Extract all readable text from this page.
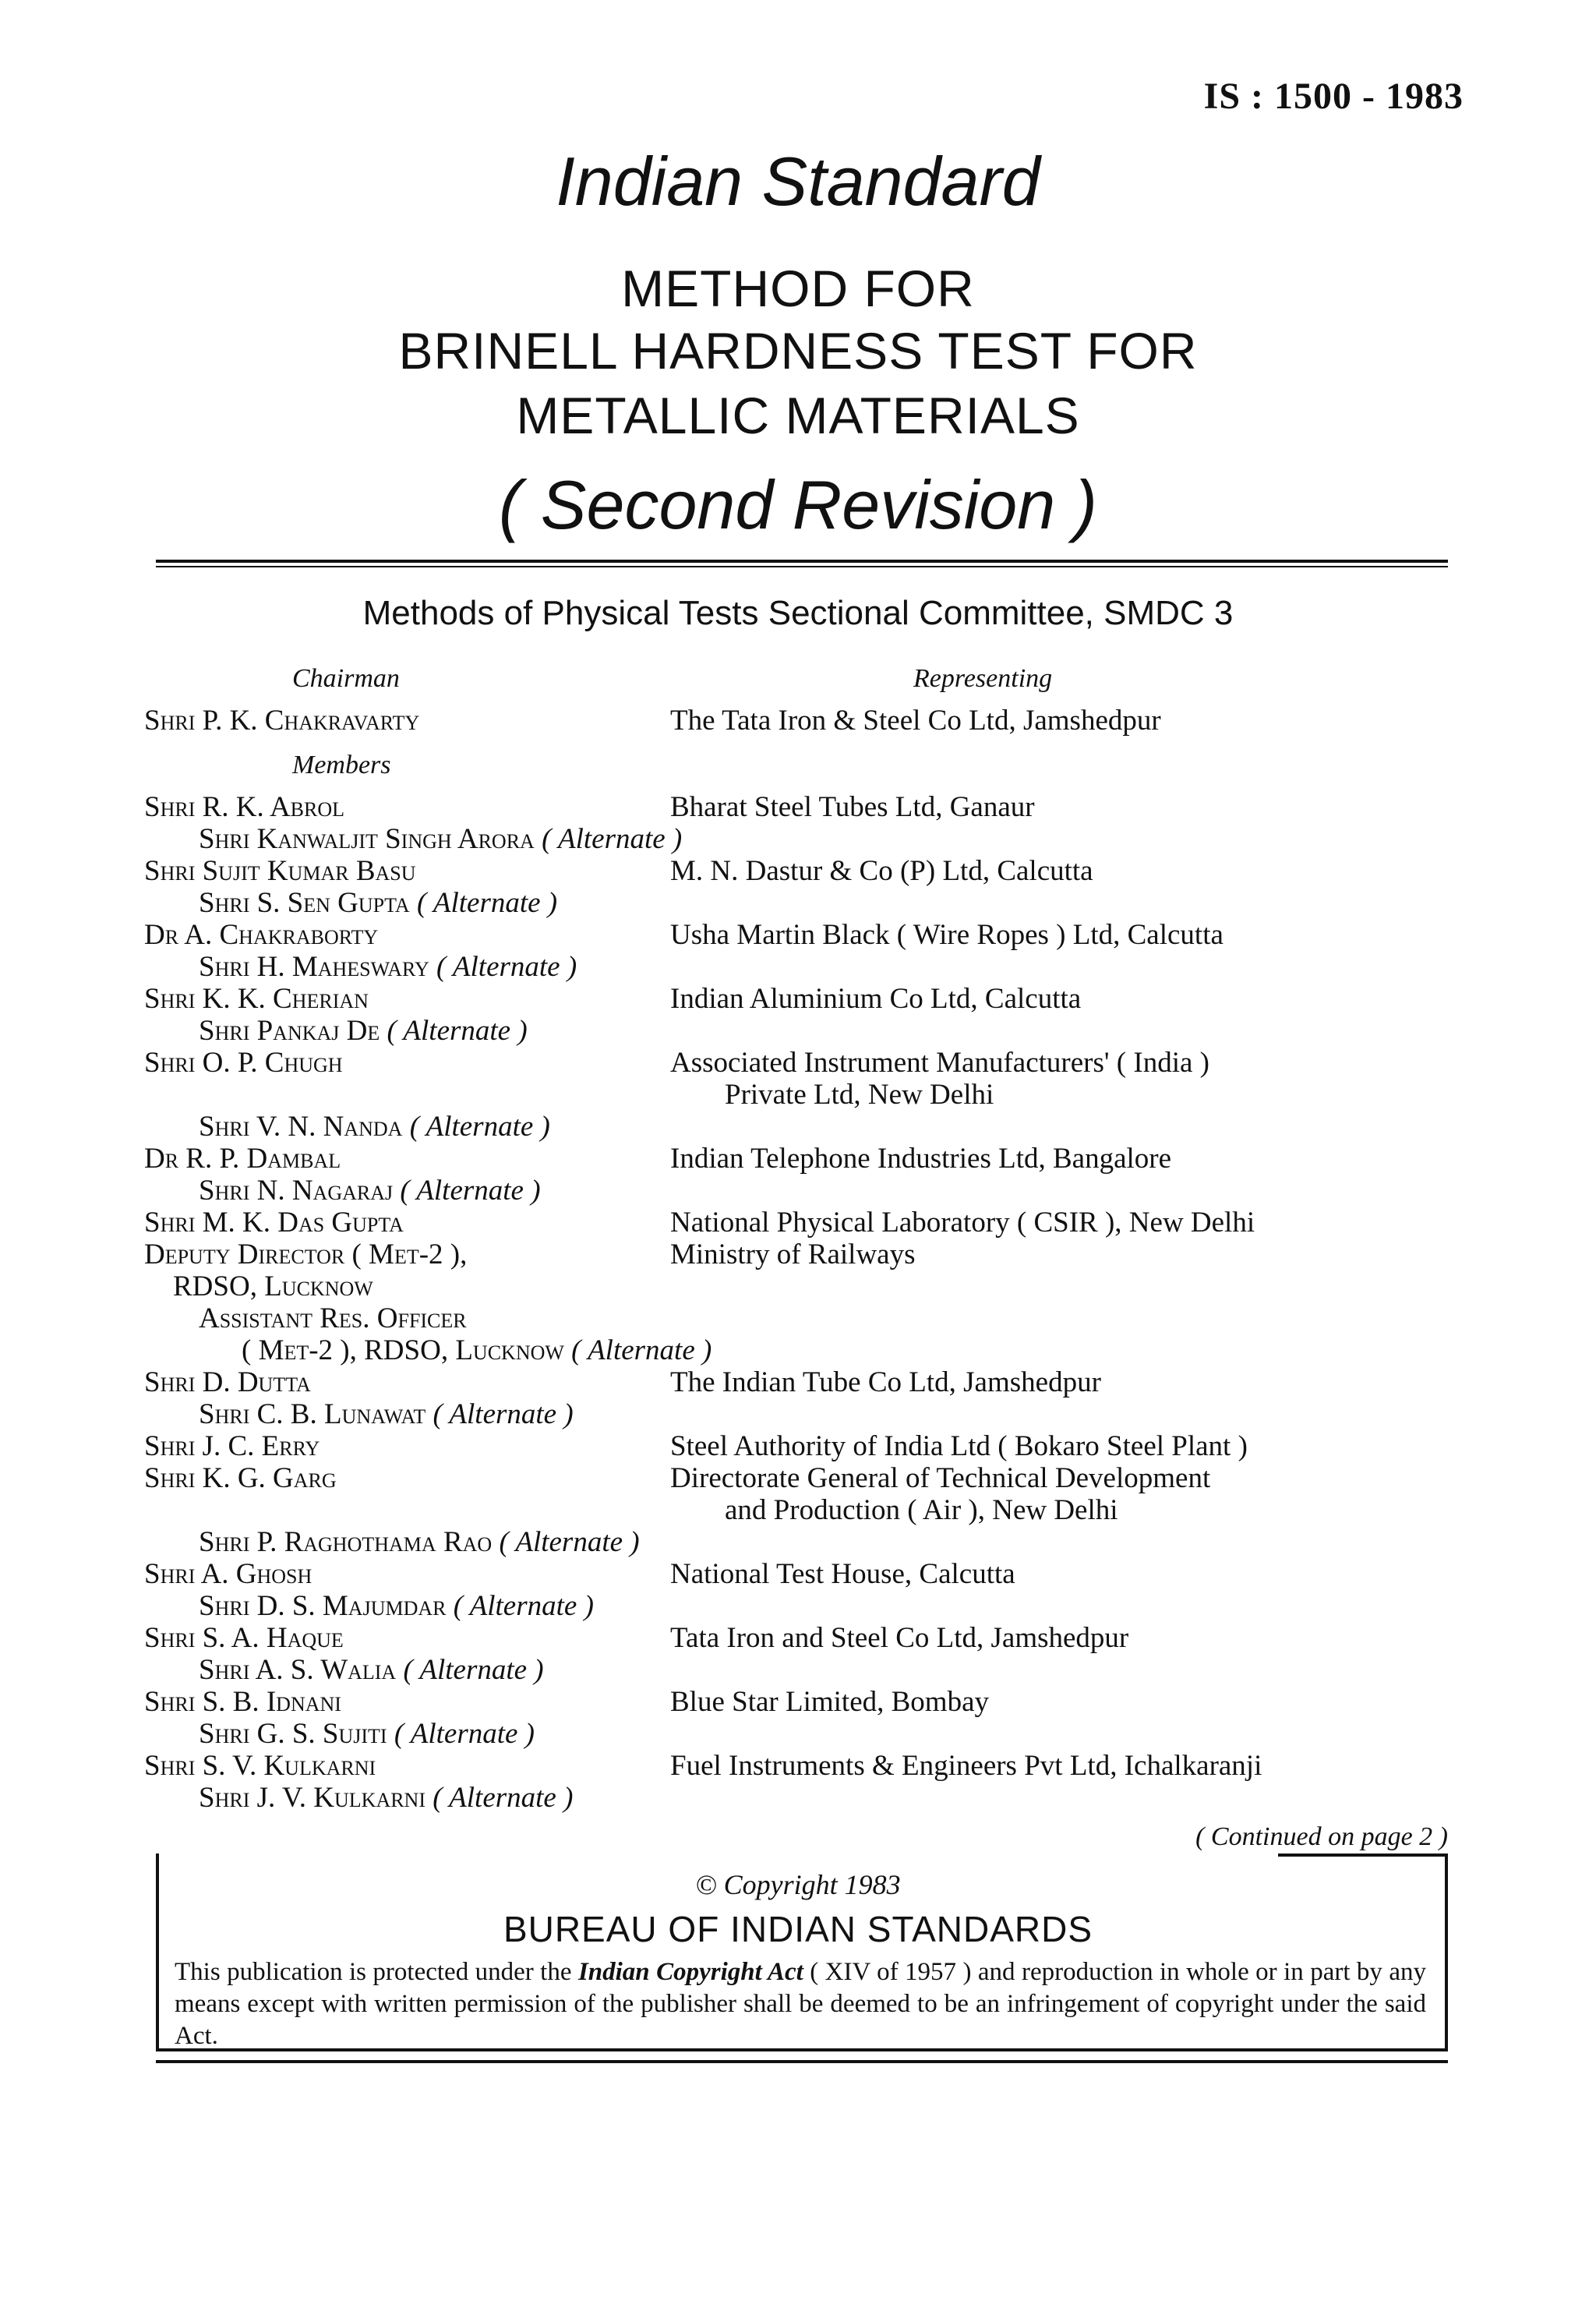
IS : 1500 - 1983
Indian Standard
METHOD FOR
BRINELL HARDNESS TEST FOR
METALLIC MATERIALS
( Second Revision )
Methods of Physical Tests Sectional Committee, SMDC 3
Chairman	Representing
Shri P. K. Chakravarty	The Tata Iron & Steel Co Ltd, Jamshedpur
Members
Shri R. K. Abrol	Bharat Steel Tubes Ltd, Ganaur
Shri Kanwaljit Singh Arora ( Alternate )
Shri Sujit Kumar Basu	M. N. Dastur & Co (P) Ltd, Calcutta
Shri S. Sen Gupta ( Alternate )
Dr A. Chakraborty	Usha Martin Black ( Wire Ropes ) Ltd, Calcutta
Shri H. Maheswary ( Alternate )
Shri K. K. Cherian	Indian Aluminium Co Ltd, Calcutta
Shri Pankaj De ( Alternate )
Shri O. P. Chugh	Associated Instrument Manufacturers' ( India )
Private Ltd, New Delhi
Shri V. N. Nanda ( Alternate )
Dr R. P. Dambal	Indian Telephone Industries Ltd, Bangalore
Shri N. Nagaraj ( Alternate )
Shri M. K. Das Gupta	National Physical Laboratory ( CSIR ), New Delhi
Deputy Director ( Met-2 ),	Ministry of Railways
RDSO, Lucknow
Assistant Res. Officer
( Met-2 ), RDSO, Lucknow ( Alternate )
Shri D. Dutta	The Indian Tube Co Ltd, Jamshedpur
Shri C. B. Lunawat ( Alternate )
Shri J. C. Erry	Steel Authority of India Ltd ( Bokaro Steel Plant )
Shri K. G. Garg	Directorate General of Technical Development
and Production ( Air ), New Delhi
Shri P. Raghothama Rao ( Alternate )
Shri A. Ghosh	National Test House, Calcutta
Shri D. S. Majumdar ( Alternate )
Shri S. A. Haque	Tata Iron and Steel Co Ltd, Jamshedpur
Shri A. S. Walia ( Alternate )
Shri S. B. Idnani	Blue Star Limited, Bombay
Shri G. S. Sujiti ( Alternate )
Shri S. V. Kulkarni	Fuel Instruments & Engineers Pvt Ltd, Ichalkaranji
Shri J. V. Kulkarni ( Alternate )
( Continued on page 2 )
© Copyright 1983
BUREAU OF INDIAN STANDARDS
This publication is protected under the Indian Copyright Act ( XIV of 1957 ) and reproduction in whole or in part by any means except with written permission of the publisher shall be deemed to be an infringement of copyright under the said Act.
